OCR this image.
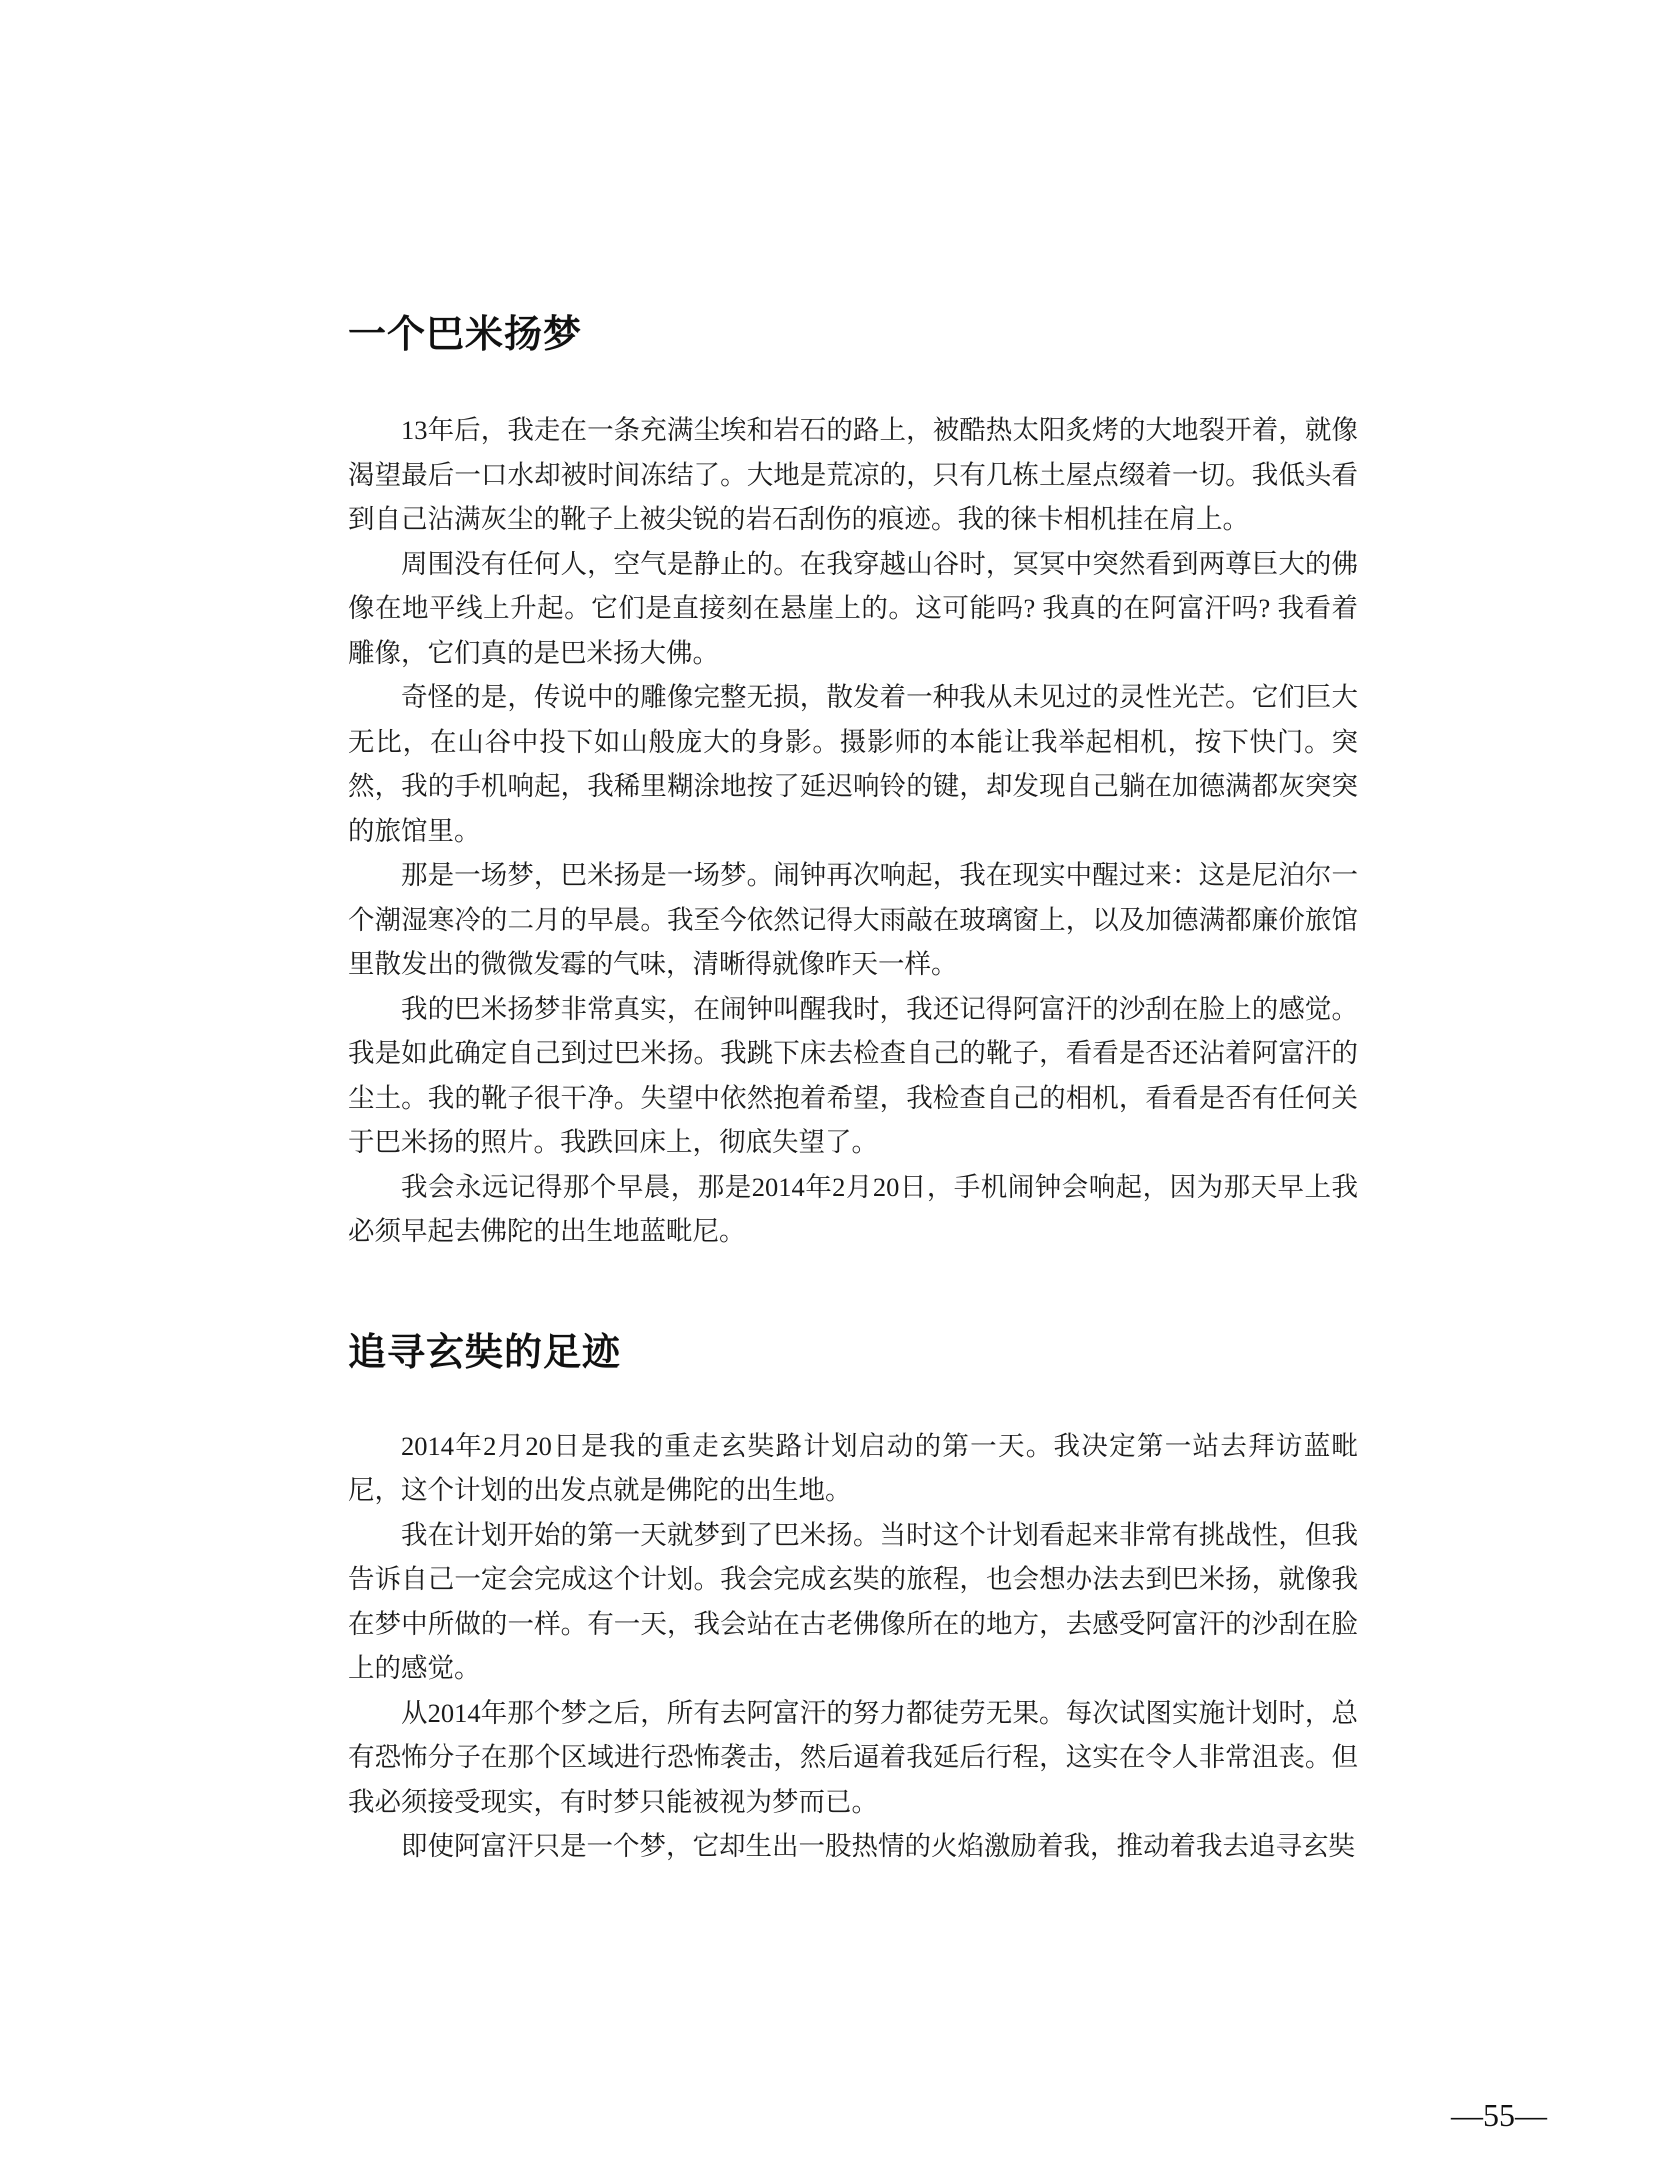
一个巴米扬梦

13年后，我走在一条充满尘埃和岩石的路上，被酷热太阳炙烤的大地裂开着，就像渴望最后一口水却被时间冻结了。大地是荒凉的，只有几栋土屋点缀着一切。我低头看到自己沾满灰尘的靴子上被尖锐的岩石刮伤的痕迹。我的徕卡相机挂在肩上。

周围没有任何人，空气是静止的。在我穿越山谷时，冥冥中突然看到两尊巨大的佛像在地平线上升起。它们是直接刻在悬崖上的。这可能吗? 我真的在阿富汗吗? 我看着雕像，它们真的是巴米扬大佛。

奇怪的是，传说中的雕像完整无损，散发着一种我从未见过的灵性光芒。它们巨大无比，在山谷中投下如山般庞大的身影。摄影师的本能让我举起相机，按下快门。突然，我的手机响起，我稀里糊涂地按了延迟响铃的键，却发现自己躺在加德满都灰突突的旅馆里。

那是一场梦，巴米扬是一场梦。闹钟再次响起，我在现实中醒过来：这是尼泊尔一个潮湿寒冷的二月的早晨。我至今依然记得大雨敲在玻璃窗上，以及加德满都廉价旅馆里散发出的微微发霉的气味，清晰得就像昨天一样。

我的巴米扬梦非常真实，在闹钟叫醒我时，我还记得阿富汗的沙刮在脸上的感觉。我是如此确定自己到过巴米扬。我跳下床去检查自己的靴子，看看是否还沾着阿富汗的尘土。我的靴子很干净。失望中依然抱着希望，我检查自己的相机，看看是否有任何关于巴米扬的照片。我跌回床上，彻底失望了。

我会永远记得那个早晨，那是2014年2月20日，手机闹钟会响起，因为那天早上我必须早起去佛陀的出生地蓝毗尼。

追寻玄奘的足迹

2014年2月20日是我的重走玄奘路计划启动的第一天。我决定第一站去拜访蓝毗尼，这个计划的出发点就是佛陀的出生地。

我在计划开始的第一天就梦到了巴米扬。当时这个计划看起来非常有挑战性，但我告诉自己一定会完成这个计划。我会完成玄奘的旅程，也会想办法去到巴米扬，就像我在梦中所做的一样。有一天，我会站在古老佛像所在的地方，去感受阿富汗的沙刮在脸上的感觉。

从2014年那个梦之后，所有去阿富汗的努力都徒劳无果。每次试图实施计划时，总有恐怖分子在那个区域进行恐怖袭击，然后逼着我延后行程，这实在令人非常沮丧。但我必须接受现实，有时梦只能被视为梦而已。

即使阿富汗只是一个梦，它却生出一股热情的火焰激励着我，推动着我去追寻玄奘

—55—
